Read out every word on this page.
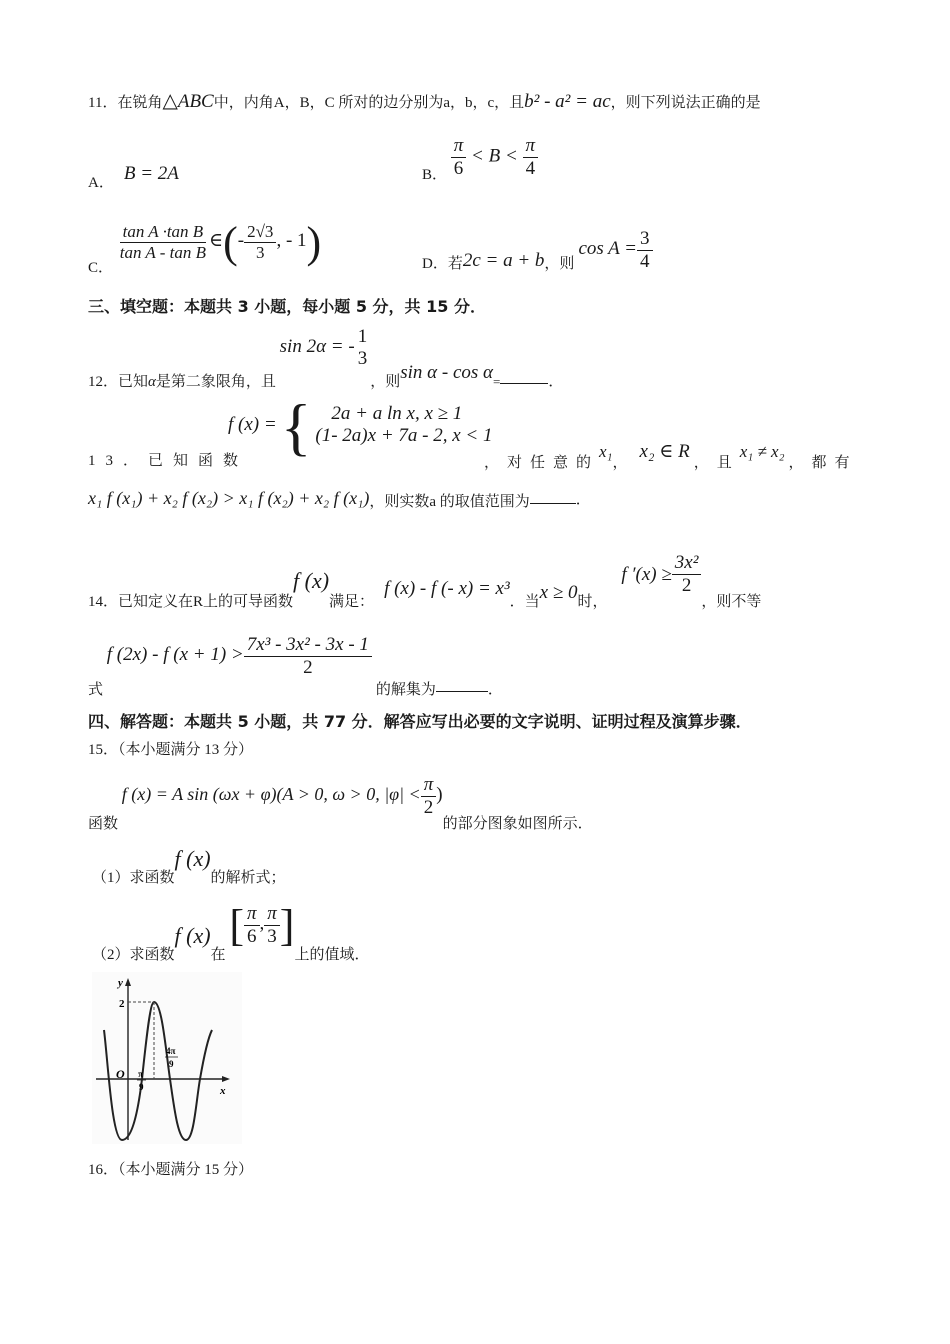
11．在锐角△ABC中，内角A，B，C 所对的边分别为a，b，c，且b² - a² = ac，则下列说法正确的是
A． B = 2A	B． $\frac{\pi}{6} < B < \frac{\pi}{4}$
C．
$\frac{\text{tan A ·tan B}}{\text{tan A - tan B}}$ ∈(- $\frac{2√3}{3}$ , - 1)	D．若2c = a + b，则$\cos A = \frac{3}{4}$
三、填空题：本题共 3 小题，每小题 5 分，共 15 分．
12．已知α是第二象限角，且 sin 2α = - 1
3
，则sin α - cos α=	．
13．已知函数
f (x) = { 2a + a ln x, x ≥ 1
(1- 2a)x + 7a - 2, x < 1
，对任意的x₁，x₂ ∈ R，且x₁ ≠ x₂，都有
x₁ f (x₁) + x₂ f (x₂) > x₁ f (x₂) + x₂ f (x₁)，则实数a 的取值范围为	．
14．已知定义在R上的可导函数f (x)满足：f (x) - f (- x) = x³．当x ≥ 0时， f $'(x) \ge \frac{\text{3x²}}{2}$
，则不等
式 f (2x) - f $(x + 1) > \frac{\text{7x³ - 3x² - 3x - 1}}{2}$
的解集为	．
四、解答题：本题共 5 小题，共 77 分．解答应写出必要的文字说明、证明过程及演算步骤．
15．（本小题满分 13 分）
函数 f (x) = A sin (ωx + φ)(A > 0, ω > 0, $|\varphi| < \frac{\pi}{2}$ )的部分图象如图所示．
（1）求函数f (x)的解析式；
（2）求函数f (x)在 [ $\frac{\pi}{6}$ , $\frac{\pi}{3}$ ]上的值域．
y
x
O
2
π
9
4π
9
16．（本小题满分 15 分）
